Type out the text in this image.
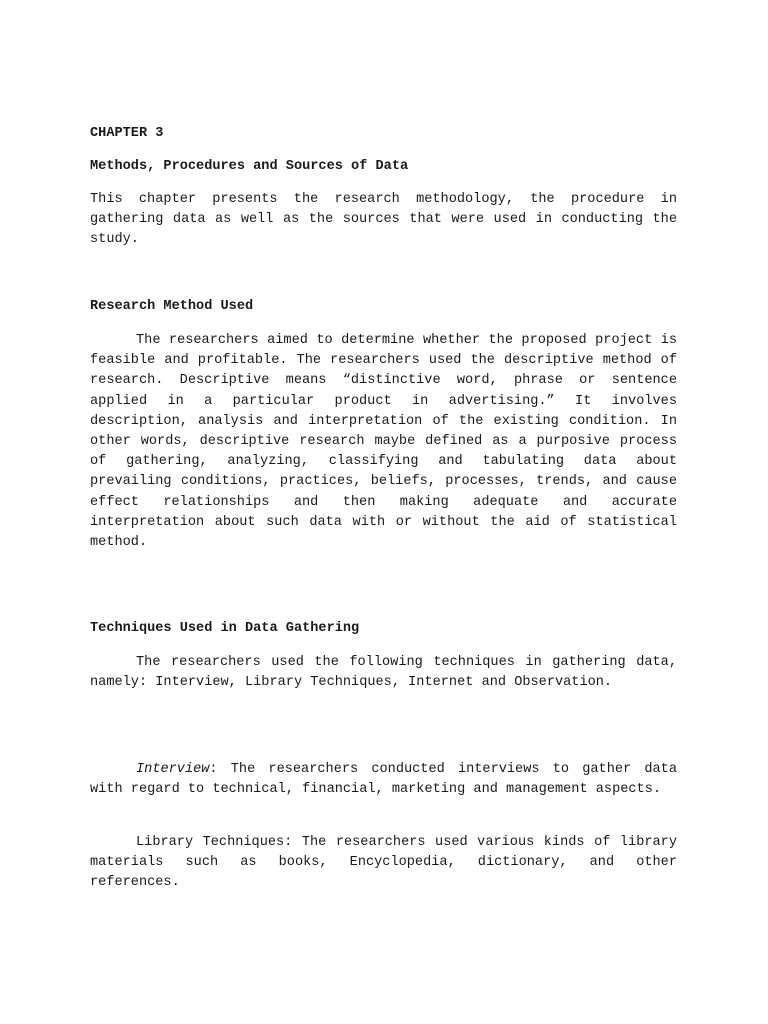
CHAPTER 3

Methods, Procedures and Sources of Data

This chapter presents the research methodology, the procedure in gathering data as well as the sources that were used in conducting the study.

Research Method Used

The researchers aimed to determine whether the proposed project is feasible and profitable. The researchers used the descriptive method of research. Descriptive means “distinctive word, phrase or sentence applied in a particular product in advertising.” It involves description, analysis and interpretation of the existing condition. In other words, descriptive research maybe defined as a purposive process of gathering, analyzing, classifying and tabulating data about prevailing conditions, practices, beliefs, processes, trends, and cause effect relationships and then making adequate and accurate interpretation about such data with or without the aid of statistical method.

Techniques Used in Data Gathering

The researchers used the following techniques in gathering data, namely: Interview, Library Techniques, Internet and Observation.

Interview: The researchers conducted interviews to gather data with regard to technical, financial, marketing and management aspects.

Library Techniques: The researchers used various kinds of library materials such as books, Encyclopedia, dictionary, and other references.
